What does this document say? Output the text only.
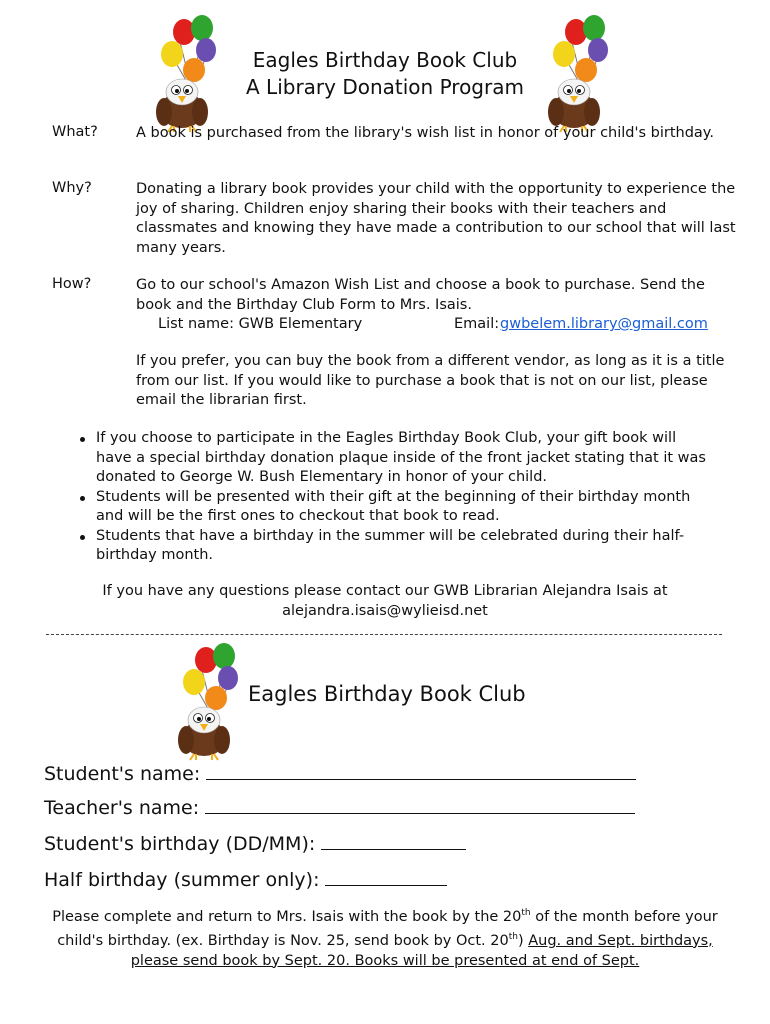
Eagles Birthday Book Club
A Library Donation Program
What?	A book is purchased from the library's wish list in honor of your child's birthday.
Why?	Donating a library book provides your child with the opportunity to experience the joy of sharing. Children enjoy sharing their books with their teachers and classmates and knowing they have made a contribution to our school that will last many years.
How?	Go to our school's Amazon Wish List and choose a book to purchase. Send the book and the Birthday Club Form to Mrs. Isais.
List name: GWB Elementary	Email: gwbelem.library@gmail.com
If you prefer, you can buy the book from a different vendor, as long as it is a title from our list. If you would like to purchase a book that is not on our list, please email the librarian first.
If you choose to participate in the Eagles Birthday Book Club, your gift book will have a special birthday donation plaque inside of the front jacket stating that it was donated to George W. Bush Elementary in honor of your child.
Students will be presented with their gift at the beginning of their birthday month and will be the first ones to checkout that book to read.
Students that have a birthday in the summer will be celebrated during their half-birthday month.
If you have any questions please contact our GWB Librarian Alejandra Isais at
alejandra.isais@wylieisd.net
Eagles Birthday Book Club
Student's name:
Teacher's name:
Student's birthday (DD/MM):
Half birthday (summer only):
Please complete and return to Mrs. Isais with the book by the 20th of the month before your child's birthday. (ex. Birthday is Nov. 25, send book by Oct. 20th) Aug. and Sept. birthdays, please send book by Sept. 20. Books will be presented at end of Sept.
